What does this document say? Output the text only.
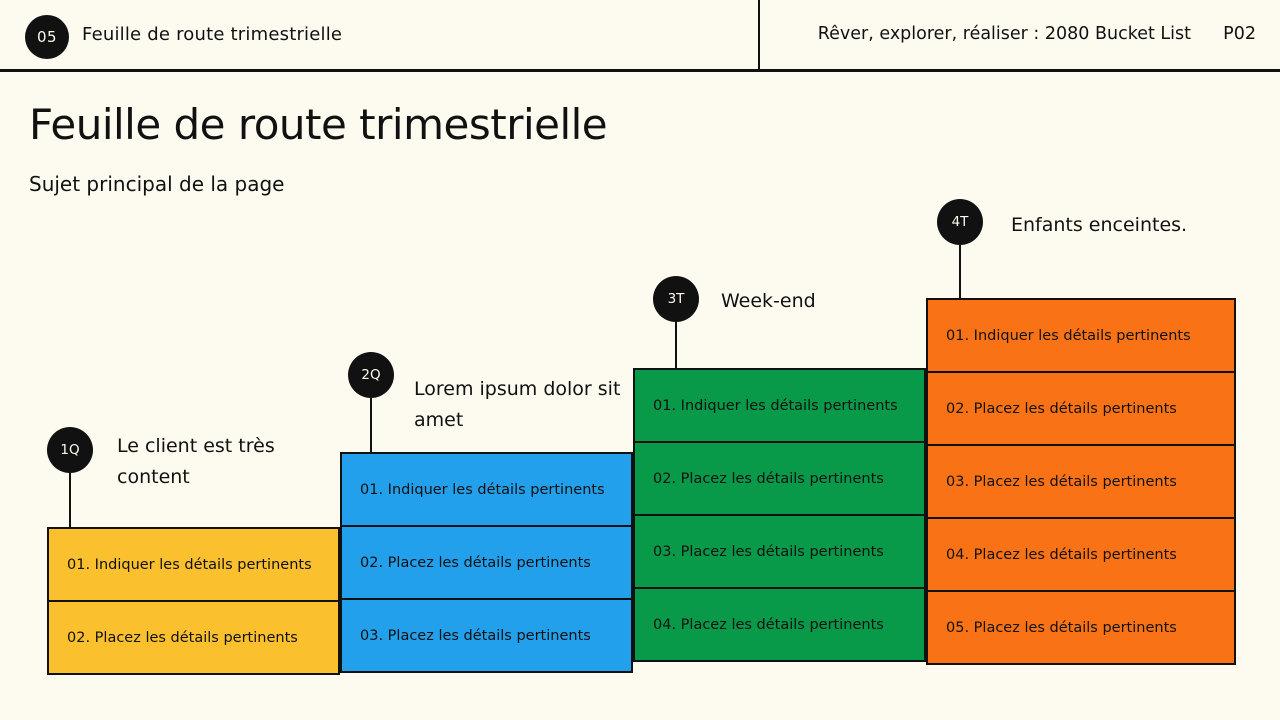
05	Feuille de route trimestrielle	Rêver, explorer, réaliser : 2080 Bucket List P02
Feuille de route trimestrielle

Sujet principal de la page

01. Indiquer les détails pertinents
02. Placez les détails pertinents
1Q	Le client est très content
01. Indiquer les détails pertinents
02. Placez les détails pertinents
03. Placez les détails pertinents
2Q
Lorem ipsum dolor sit amet
01. Indiquer les détails pertinents
02. Placez les détails pertinents
03. Placez les détails pertinents
04. Placez les détails pertinents
3T	Week-end
01. Indiquer les détails pertinents
02. Placez les détails pertinents
03. Placez les détails pertinents
04. Placez les détails pertinents
05. Placez les détails pertinents
4T	Enfants enceintes.
